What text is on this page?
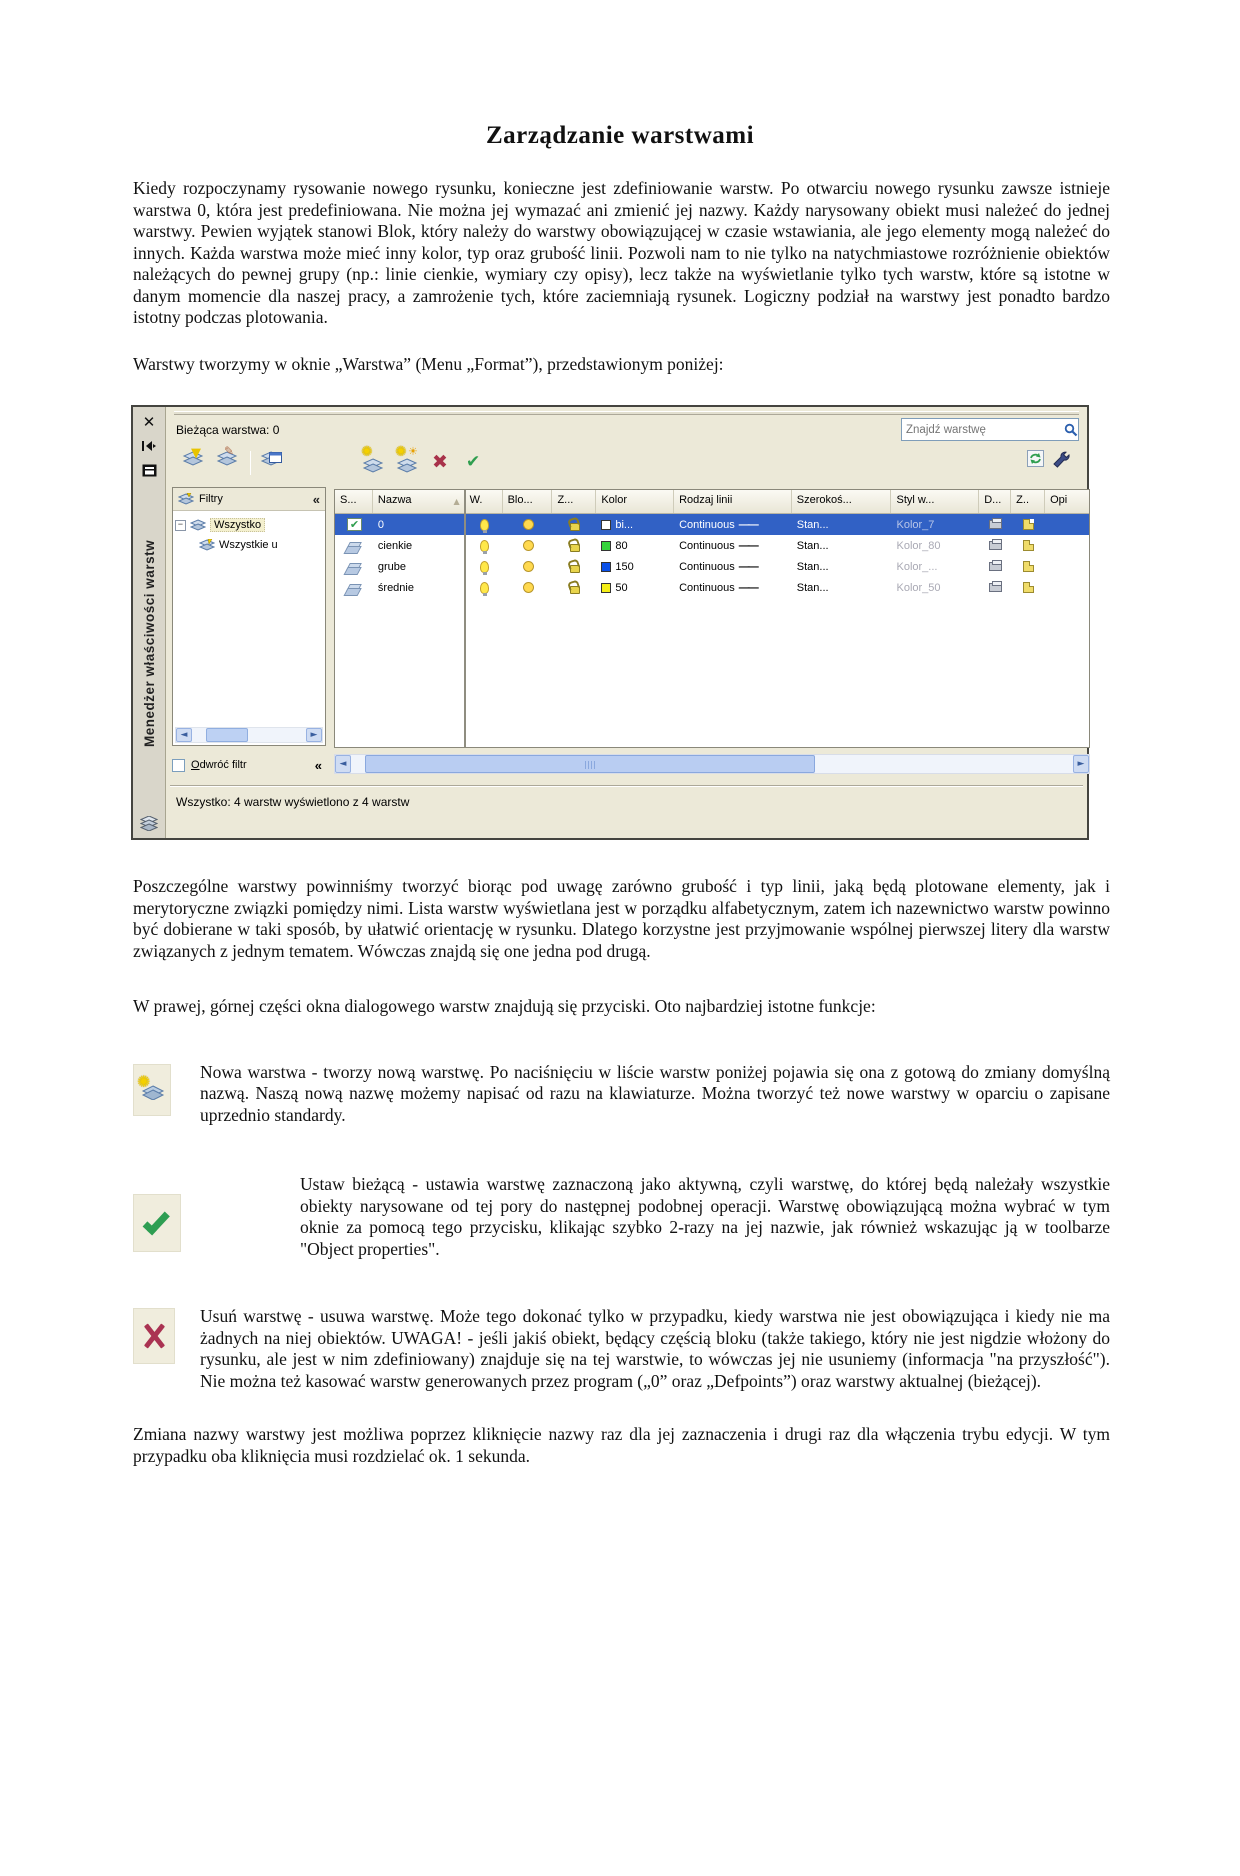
Zarządzanie warstwami

Kiedy rozpoczynamy rysowanie nowego rysunku, konieczne jest zdefiniowanie warstw. Po otwarciu nowego rysunku zawsze istnieje warstwa 0, która jest predefiniowana. Nie można jej wymazać ani zmienić jej nazwy. Każdy narysowany obiekt musi należeć do jednej warstwy. Pewien wyjątek stanowi Blok, który należy do warstwy obowiązującej w czasie wstawiania, ale jego elementy mogą należeć do innych. Każda warstwa może mieć inny kolor, typ oraz grubość linii. Pozwoli nam to nie tylko na natychmiastowe rozróżnienie obiektów należących do pewnej grupy (np.: linie cienkie, wymiary czy opisy), lecz także na wyświetlanie tylko tych warstw, które są istotne w danym momencie dla naszej pracy, a zamrożenie tych, które zaciemniają rysunek. Logiczny podział na warstwy jest ponadto bardzo istotny podczas plotowania.

Warstwy tworzymy w oknie „Warstwa” (Menu „Format”), przedstawionym poniżej:

✕
Menedżer właściwości warstw
Bieżąca warstwa: 0
Znajdź warstwę
▼ ✎	✺ ✺ ☀ ✖	✔
Filtry	«
−	Wszystko
Wszystkie u
◄	►
Odwróć filtr	«
S...	Nazwa	▲ W.	Blo...	Z...	Kolor	Rodzaj linii	Szerokoś...	Styl w...	D...	Z..	Opi
✔	0	bi...	Continuous ——	Stan...	Kolor_7
cienkie	80	Continuous ——	Stan...	Kolor_80
grube	150	Continuous ——	Stan...	Kolor_...
średnie	50	Continuous ——	Stan...	Kolor_50
◄	►
Wszystko: 4 warstw wyświetlono z 4 warstw

Poszczególne warstwy powinniśmy tworzyć biorąc pod uwagę zarówno grubość i typ linii, jaką będą plotowane elementy, jak i merytoryczne związki pomiędzy nimi. Lista warstw wyświetlana jest w porządku alfabetycznym, zatem ich nazewnictwo warstw powinno być dobierane w taki sposób, by ułatwić orientację w rysunku. Dlatego korzystne jest przyjmowanie wspólnej pierwszej litery dla warstw związanych z jednym tematem. Wówczas znajdą się one jedna pod drugą.

W prawej, górnej części okna dialogowego warstw znajdują się przyciski. Oto najbardziej istotne funkcje:

✺	Nowa warstwa - tworzy nową warstwę. Po naciśnięciu w liście warstw poniżej pojawia się ona z gotową do zmiany domyślną nazwą. Naszą nową nazwę możemy napisać od razu na klawiaturze. Można tworzyć też nowe warstwy w oparciu o zapisane uprzednio standardy.
Ustaw bieżącą - ustawia warstwę zaznaczoną jako aktywną, czyli warstwę, do której będą należały wszystkie obiekty narysowane od tej pory do następnej podobnej operacji. Warstwę obowiązującą można wybrać w tym oknie za pomocą tego przycisku, klikając szybko 2-razy na jej nazwie, jak również wskazując ją w toolbarze "Object properties".
Usuń warstwę - usuwa warstwę. Może tego dokonać tylko w przypadku, kiedy warstwa nie jest obowiązująca i kiedy nie ma żadnych na niej obiektów. UWAGA! - jeśli jakiś obiekt, będący częścią bloku (także takiego, który nie jest nigdzie włożony do rysunku, ale jest w nim zdefiniowany) znajduje się na tej warstwie, to wówczas jej nie usuniemy (informacja "na przyszłość"). Nie można też kasować warstw generowanych przez program („0” oraz „Defpoints”) oraz warstwy aktualnej (bieżącej).

Zmiana nazwy warstwy jest możliwa poprzez kliknięcie nazwy raz dla jej zaznaczenia i drugi raz dla włączenia trybu edycji. W tym przypadku oba kliknięcia musi rozdzielać ok. 1 sekunda.
